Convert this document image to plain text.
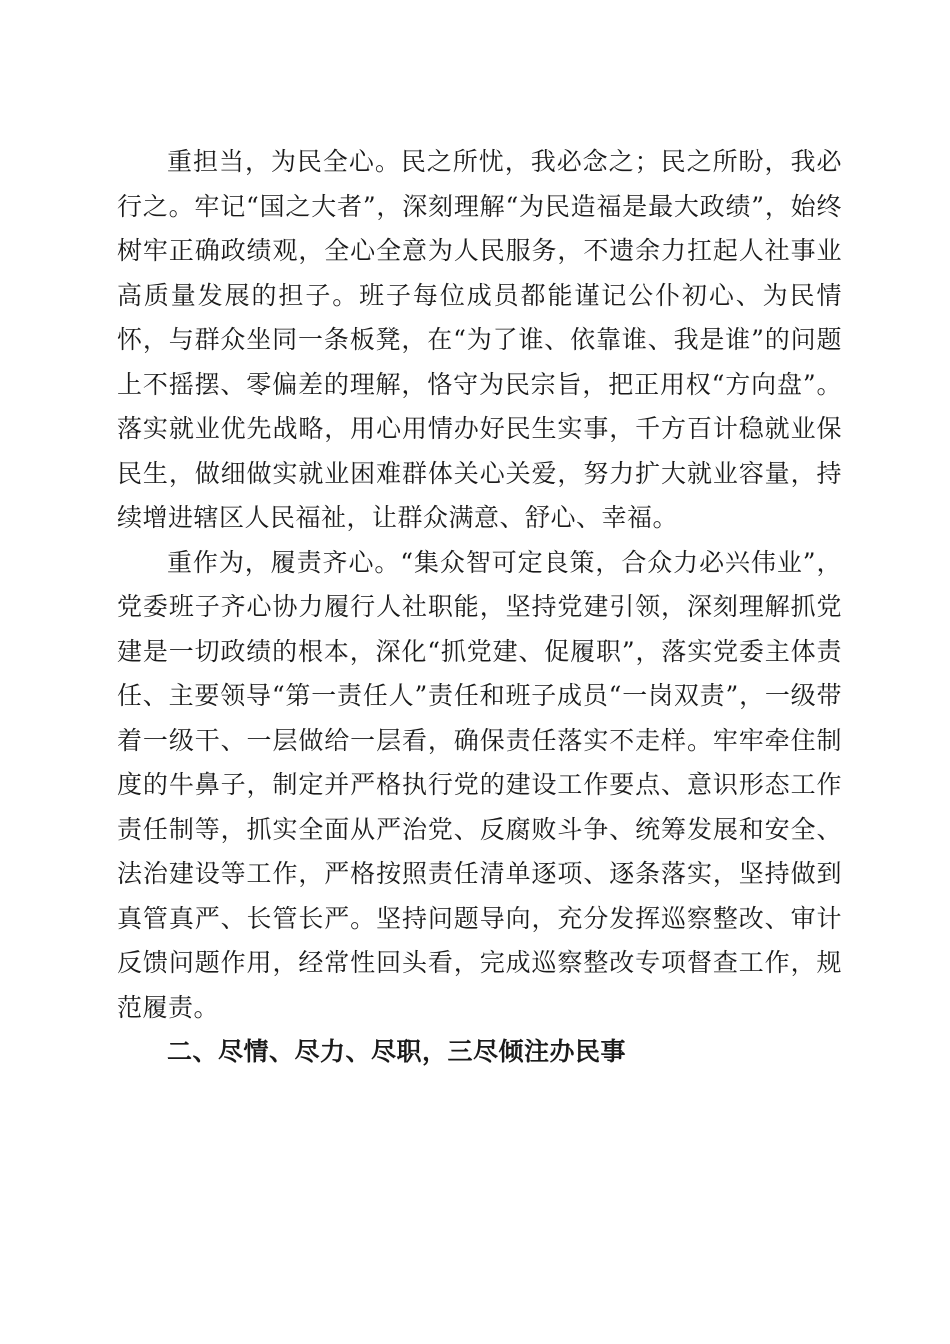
重担当，为民全心。民之所忧，我必念之；民之所盼，我必行之。牢记“国之大者”，深刻理解“为民造福是最大政绩”，始终树牢正确政绩观，全心全意为人民服务，不遗余力扛起人社事业高质量发展的担子。班子每位成员都能谨记公仆初心、为民情怀，与群众坐同一条板凳，在“为了谁、依靠谁、我是谁”的问题上不摇摆、零偏差的理解，恪守为民宗旨，把正用权“方向盘”。落实就业优先战略，用心用情办好民生实事，千方百计稳就业保民生，做细做实就业困难群体关心关爱，努力扩大就业容量，持续增进辖区人民福祉，让群众满意、舒心、幸福。

重作为，履责齐心。“集众智可定良策，合众力必兴伟业”，党委班子齐心协力履行人社职能，坚持党建引领，深刻理解抓党建是一切政绩的根本，深化“抓党建、促履职”，落实党委主体责任、主要领导“第一责任人”责任和班子成员“一岗双责”，一级带着一级干、一层做给一层看，确保责任落实不走样。牢牢牵住制度的牛鼻子，制定并严格执行党的建设工作要点、意识形态工作责任制等，抓实全面从严治党、反腐败斗争、统筹发展和安全、法治建设等工作，严格按照责任清单逐项、逐条落实，坚持做到真管真严、长管长严。坚持问题导向，充分发挥巡察整改、审计反馈问题作用，经常性回头看，完成巡察整改专项督查工作，规范履责。

二、尽情、尽力、尽职，三尽倾注办民事
